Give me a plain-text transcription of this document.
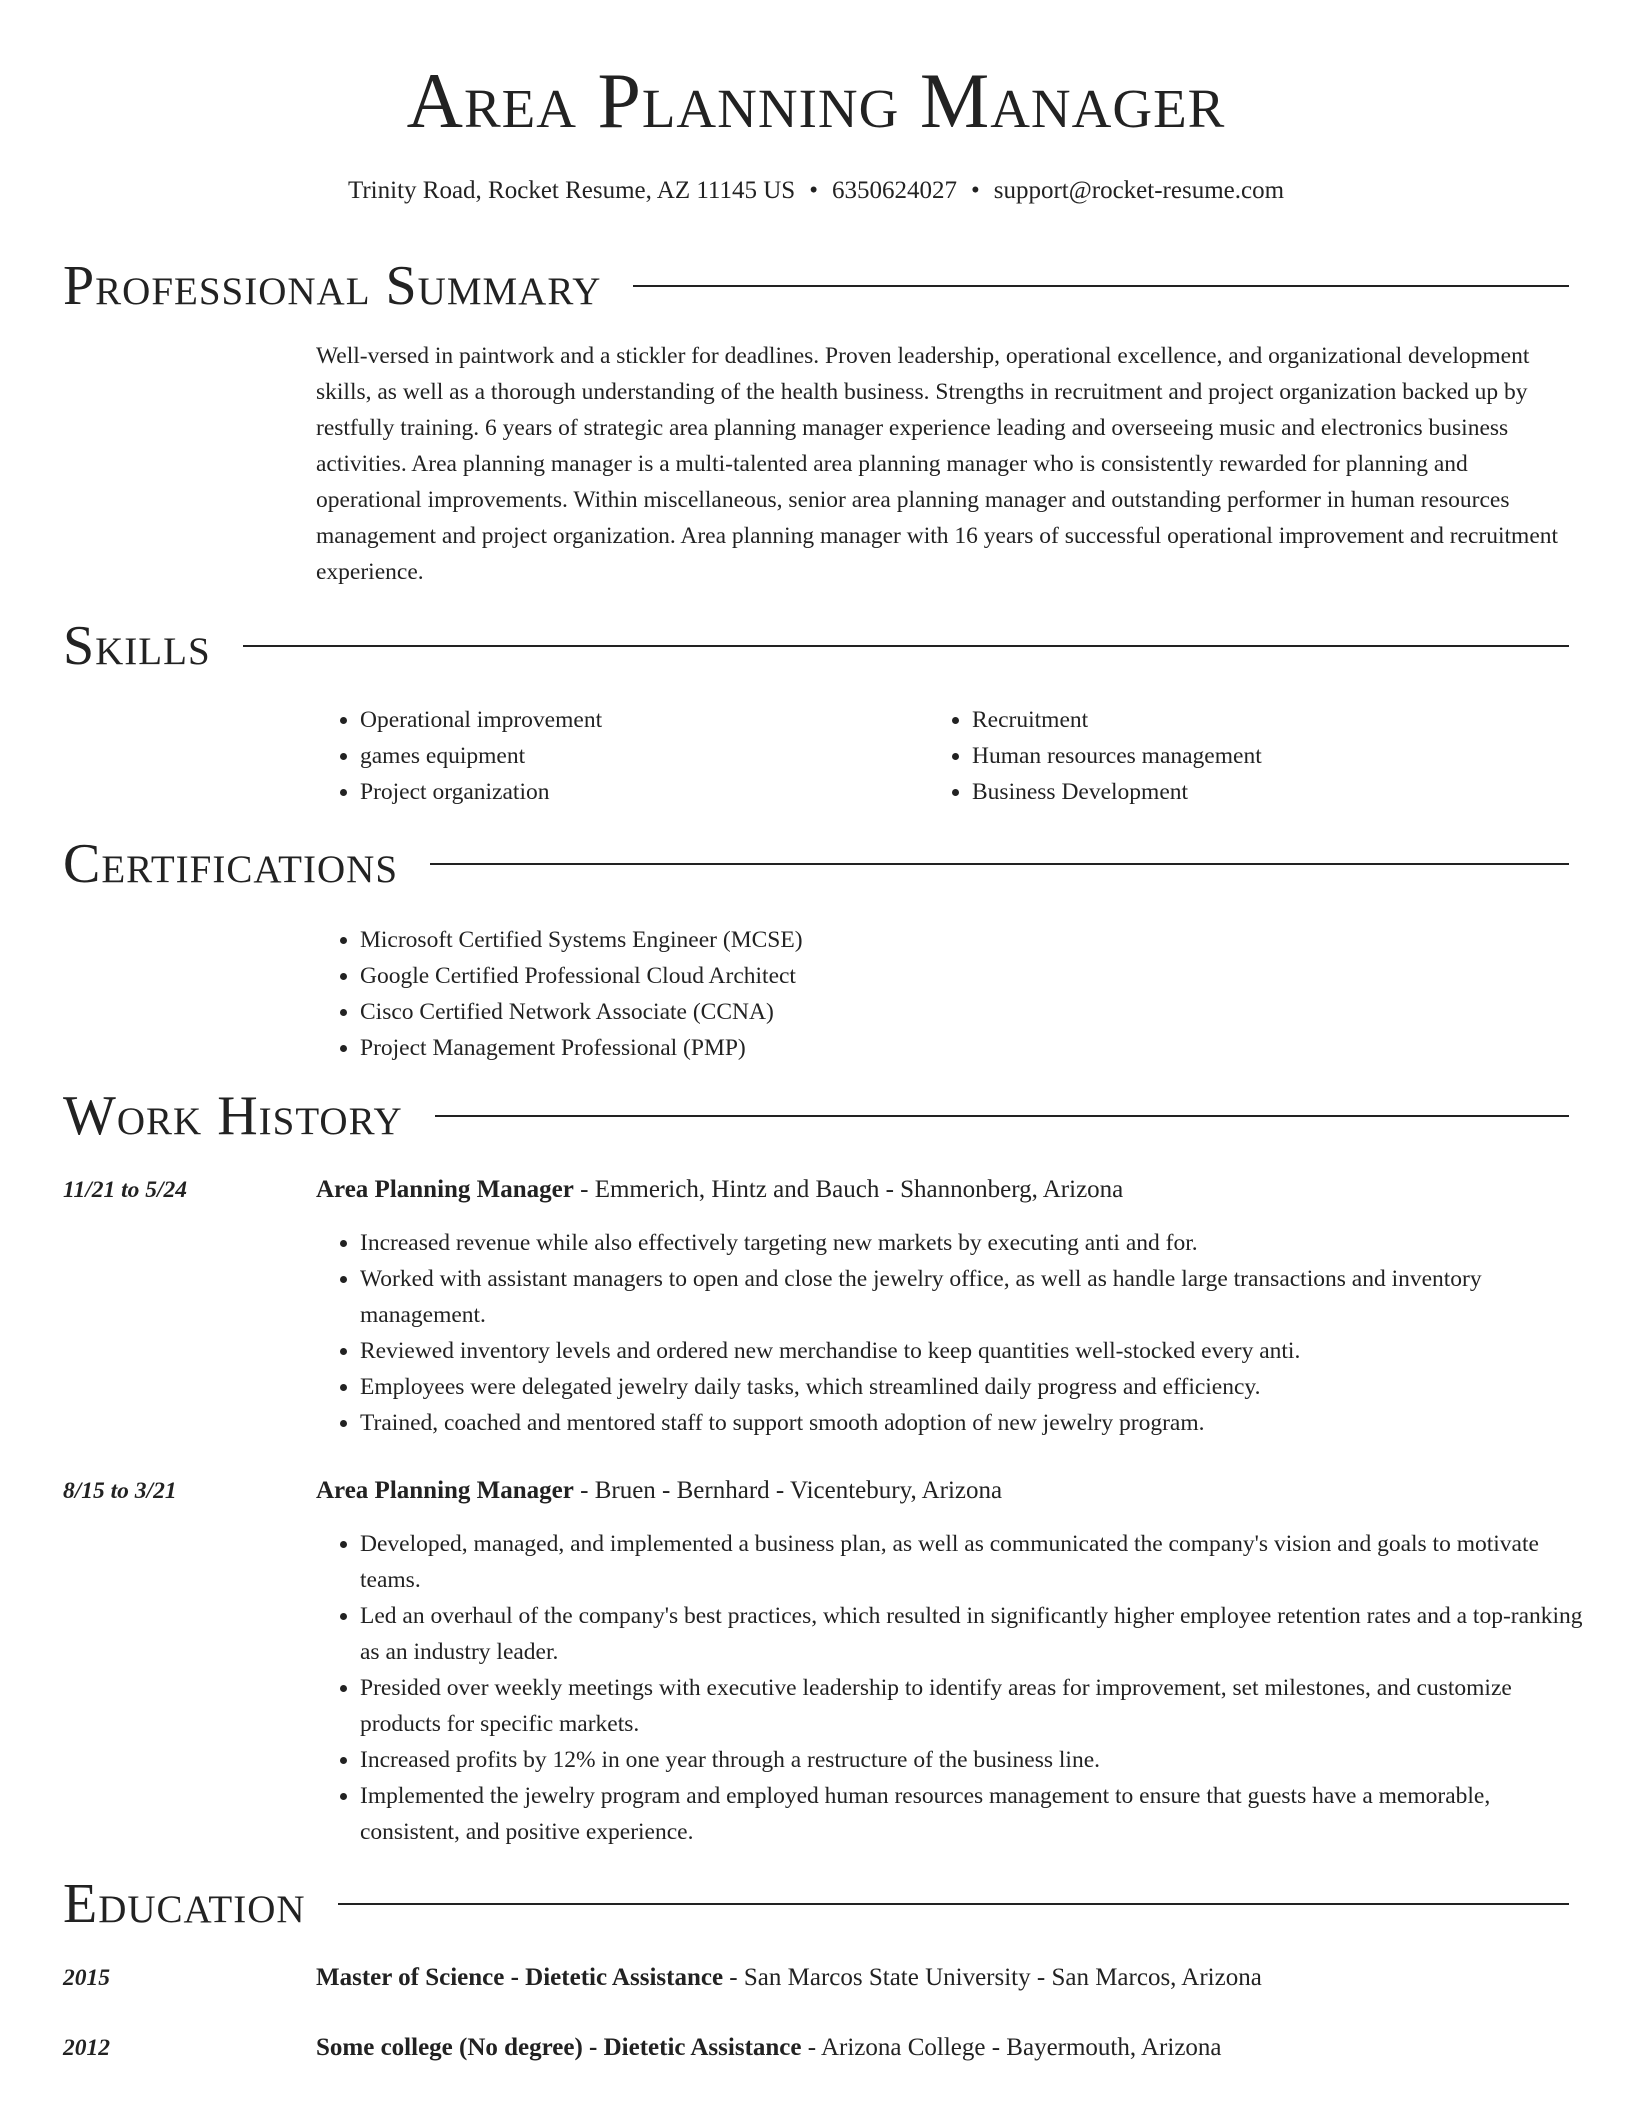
Area Planning Manager
Trinity Road, Rocket Resume, AZ 11145 US • 6350624027 • support@rocket-resume.com
Professional Summary

Well-versed in paintwork and a stickler for deadlines. Proven leadership, operational excellence, and organizational development skills, as well as a thorough understanding of the health business. Strengths in recruitment and project organization backed up by restfully training. 6 years of strategic area planning manager experience leading and overseeing music and electronics business activities. Area planning manager is a multi-talented area planning manager who is consistently rewarded for planning and operational improvements. Within miscellaneous, senior area planning manager and outstanding performer in human resources management and project organization. Area planning manager with 16 years of successful operational improvement and recruitment experience.

Skills
• Operational improvement
• games equipment
• Project organization
• Recruitment
• Human resources management
• Business Development
Certifications
• Microsoft Certified Systems Engineer (MCSE)
• Google Certified Professional Cloud Architect
• Cisco Certified Network Associate (CCNA)
• Project Management Professional (PMP)
Work History
11/21 to 5/24	Area Planning Manager - Emmerich, Hintz and Bauch - Shannonberg, Arizona
• Increased revenue while also effectively targeting new markets by executing anti and for.
• Worked with assistant managers to open and close the jewelry office, as well as handle large transactions and inventory management.
• Reviewed inventory levels and ordered new merchandise to keep quantities well-stocked every anti.
• Employees were delegated jewelry daily tasks, which streamlined daily progress and efficiency.
• Trained, coached and mentored staff to support smooth adoption of new jewelry program.
8/15 to 3/21	Area Planning Manager - Bruen - Bernhard - Vicentebury, Arizona
• Developed, managed, and implemented a business plan, as well as communicated the company's vision and goals to motivate teams.
• Led an overhaul of the company's best practices, which resulted in significantly higher employee retention rates and a top-ranking as an industry leader.
• Presided over weekly meetings with executive leadership to identify areas for improvement, set milestones, and customize products for specific markets.
• Increased profits by 12% in one year through a restructure of the business line.
• Implemented the jewelry program and employed human resources management to ensure that guests have a memorable, consistent, and positive experience.
Education
2015	Master of Science - Dietetic Assistance - San Marcos State University - San Marcos, Arizona
2012	Some college (No degree) - Dietetic Assistance - Arizona College - Bayermouth, Arizona
